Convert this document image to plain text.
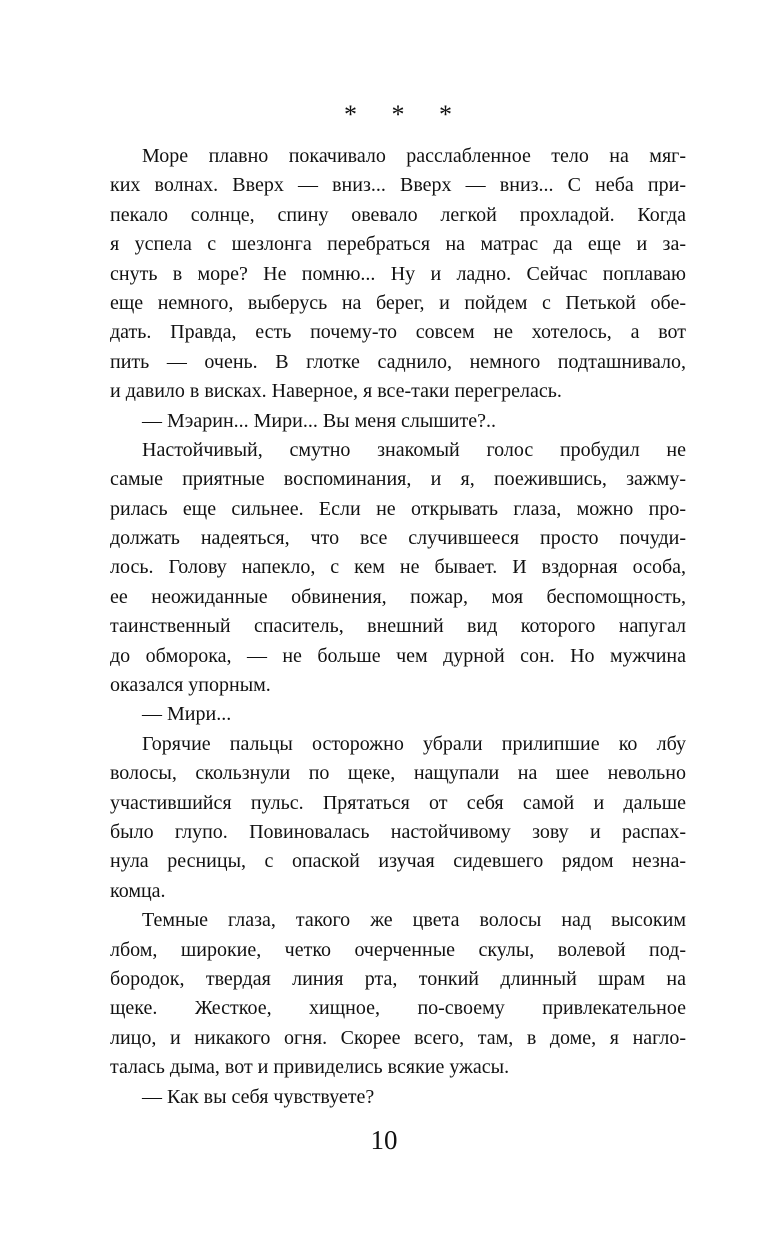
* * *
Море плавно покачивало расслабленное тело на мяг-
ких волнах. Вверх — вниз... Вверх — вниз... С неба при-
пекало солнце, спину овевало легкой прохладой. Когда
я успела с шезлонга перебраться на матрас да еще и за-
снуть в море? Не помню... Ну и ладно. Сейчас поплаваю
еще немного, выберусь на берег, и пойдем с Петькой обе-
дать. Правда, есть почему-то совсем не хотелось, а вот
пить — очень. В глотке саднило, немного подташнивало,
и давило в висках. Наверное, я все-таки перегрелась.
— Мэарин... Мири... Вы меня слышите?..
Настойчивый, смутно знакомый голос пробудил не
самые приятные воспоминания, и я, поежившись, зажму-
рилась еще сильнее. Если не открывать глаза, можно про-
должать надеяться, что все случившееся просто почуди-
лось. Голову напекло, с кем не бывает. И вздорная особа,
ее неожиданные обвинения, пожар, моя беспомощность,
таинственный спаситель, внешний вид которого напугал
до обморока, — не больше чем дурной сон. Но мужчина
оказался упорным.
— Мири...
Горячие пальцы осторожно убрали прилипшие ко лбу
волосы, скользнули по щеке, нащупали на шее невольно
участившийся пульс. Прятаться от себя самой и дальше
было глупо. Повиновалась настойчивому зову и распах-
нула ресницы, с опаской изучая сидевшего рядом незна-
комца.
Темные глаза, такого же цвета волосы над высоким
лбом, широкие, четко очерченные скулы, волевой под-
бородок, твердая линия рта, тонкий длинный шрам на
щеке. Жесткое, хищное, по-своему привлекательное
лицо, и никакого огня. Скорее всего, там, в доме, я нагло-
талась дыма, вот и привиделись всякие ужасы.
— Как вы себя чувствуете?
10
